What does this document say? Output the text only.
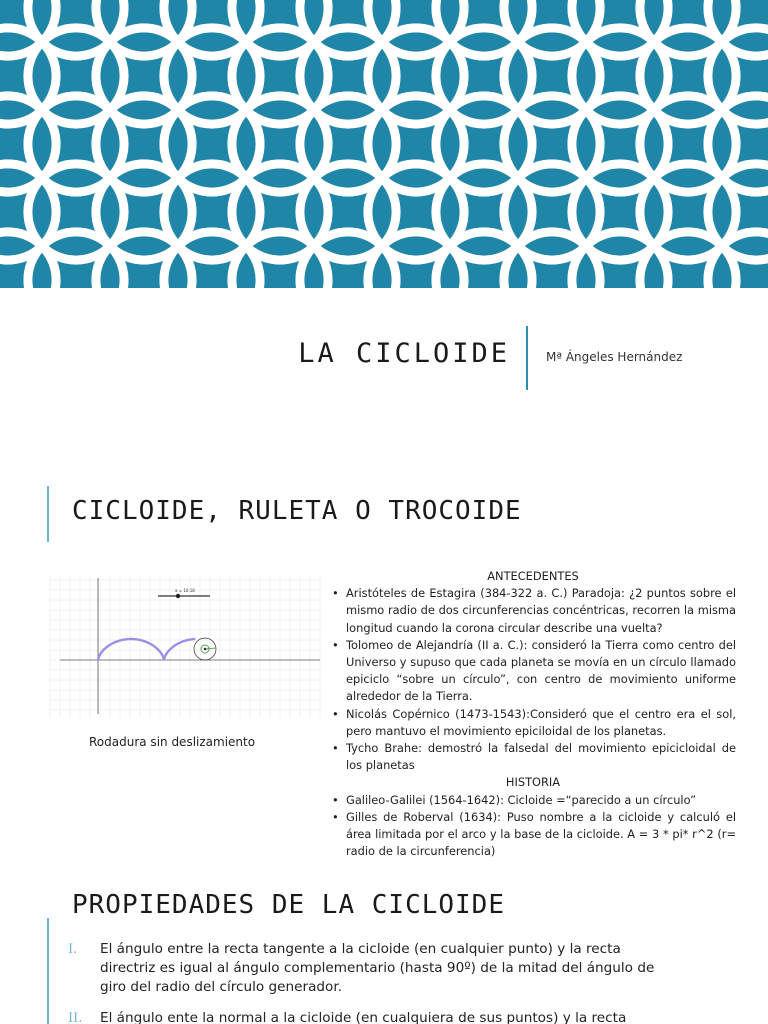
LA CICLOIDE	Mª Ángeles Hernández
CICLOIDE, RULETA O TROCOIDE
a = 10.18
Rodadura sin deslizamiento
ANTECEDENTES
• Aristóteles de Estagira (384-322 a. C.) Paradoja: ¿2 puntos sobre el mismo radio de dos circunferencias concéntricas, recorren la misma longitud cuando la corona circular describe una vuelta?
• Tolomeo de Alejandría (II a. C.): consideró la Tierra como centro del Universo y supuso que cada planeta se movía en un círculo llamado epiciclo “sobre un círculo”, con centro de movimiento uniforme alrededor de la Tierra.
• Nicolás Copérnico (1473-1543):Consideró que el centro era el sol, pero mantuvo el movimiento epiciloidal de los planetas.
• Tycho Brahe: demostró la falsedal del movimiento epicicloidal de los planetas
HISTORIA
• Galileo-Galilei (1564-1642): Cicloide =“parecido a un círculo”
• Gilles de Roberval (1634): Puso nombre a la cicloide y calculó el área limitada por el arco y la base de la cicloide. A = 3 * pi* r^2 (r= radio de la circunferencia)
PROPIEDADES DE LA CICLOIDE
I. El ángulo entre la recta tangente a la cicloide (en cualquier punto) y la recta directriz es igual al ángulo complementario (hasta 90º) de la mitad del ángulo de giro del radio del círculo generador.
II. El ángulo ente la normal a la cicloide (en cualquiera de sus puntos) y la recta
